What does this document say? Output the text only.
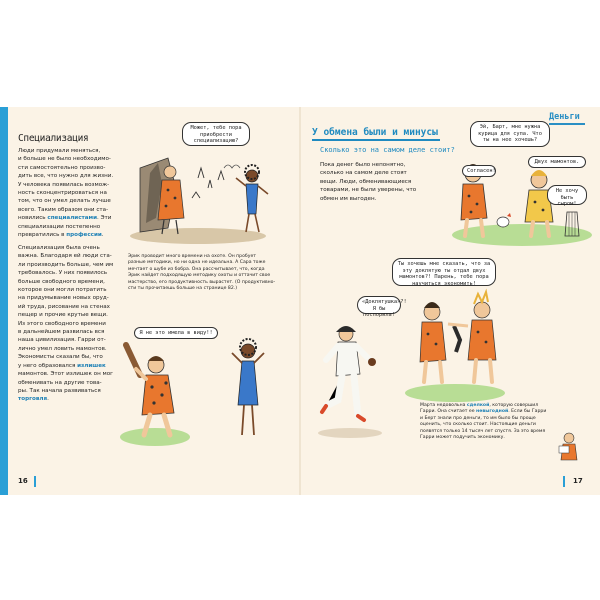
Специализация
Люди придумали меняться,
и больше не было необходимо-
сти самостоятельно произво-
дить все, что нужно для жизни.
У человека появилась возмож-
ность сконцентрироваться на
том, что он умел делать лучше
всего. Таким образом они ста-
новились специалистами. Эти
специализации постепенно
превратились в профессии.
Специализация была очень
важна. Благодаря ей люди ста-
ли производить больше, чем им
требовалось. У них появилось
больше свободного времени,
которое они могли потратить
на придумывание новых оруд-
ий труда, рисование на стенах
пещер и прочие крутые вещи.
Из этого свободного времени
в дальнейшем развилась вся
наша цивилизация. Гарри от-
лично умел ловить мамонтов.
Экономисты сказали бы, что
у него образовался излишек
мамонтов. Этот излишек он мог
обменивать на другие това-
ры. Так начала развиваться торговля.
Может, тебе пора приобрести специализацию?
Эрик проводит много времени на охоте. Он пробует
разные методики, но ни одна не идеальна. А Сара тоже
мечтает о шубе из бобра. Она рассчитывает, что, когда
Эрик найдет подходящую методику охоты и оттачит свое
мастерство, его продуктивность вырастет. (О продуктивно-
сти ты прочитаешь больше на странице 82.)
Я не это имела в виду!!
16
Деньги
У обмена были и минусы
Сколько это на самом деле стоит?
Пока денег было непонятно,
сколько на самом деле стоят
вещи. Люди, обменивающиеся
товарами, не были уверены, что
обмен им выгоден.
Эй, Барт, мне нужна курица для супа. Что ты на нее хочешь?
Согласен!
Двух мамонтов.
Не хочу быть сыром!
Ты хочешь мне сказать, что за эту доклятую ты отдал двух мамонтов?! Парень, тебе пора научиться экономить!
«Доклятушка»?! Я бы поспорила!
Марта недовольна сделкой, которую совершил Гарри. Она считает ее невыгодной. Если бы Гарри и Берт знали про деньги, то им было бы проще оценить, что сколько стоит. Настоящие деньги появятся только 14 тысяч лет спустя. За это время Гарри может подучить экономику.
17
